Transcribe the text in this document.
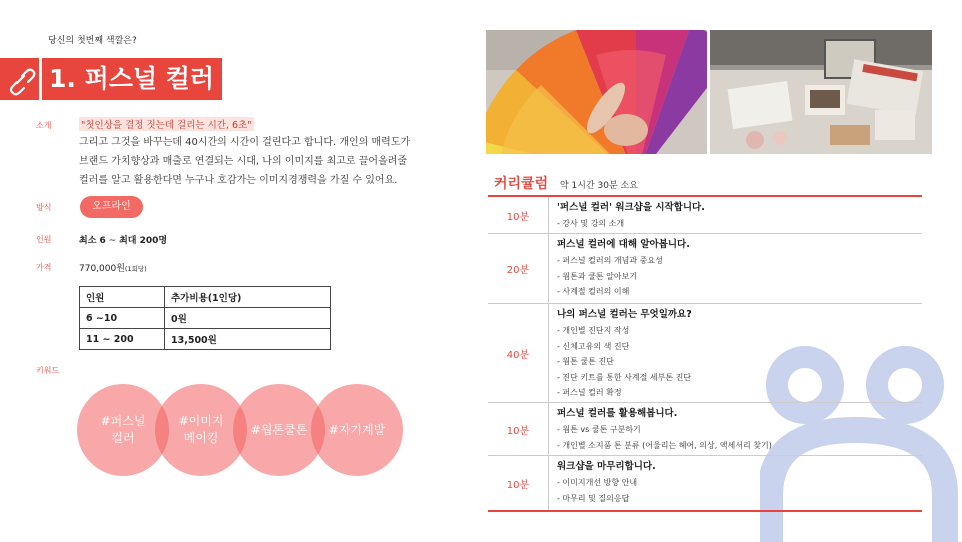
당신의 첫번째 색깔은?
1. 퍼스널 컬러
소개	"첫인상을 결정 짓는데 걸리는 시간, 6초"
그리고 그것을 바꾸는데 40시간의 시간이 걸린다고 합니다. 개인의 매력도가
브랜드 가치향상과 매출로 연결되는 시대, 나의 이미지를 최고로 끌어올려줄
컬러를 알고 활용한다면 누구나 호감가는 이미지경쟁력을 가질 수 있어요.
방식	오프라인
인원	최소 6 ~ 최대 200명
가격	770,000원(1회당)
인원	추가비용(1인당)
6 ~10	0원
11 ~ 200	13,500원
키워드
#퍼스널
컬러
#이미지
메이킹
#웜톤쿨톤 #자기계발
커리큘럼 약 1시간 30분 소요
10분
'퍼스널 컬러' 워크샵을 시작합니다.
- 강사 및 강의 소개
20분
퍼스널 컬러에 대해 알아봅니다.
- 퍼스널 컬러의 개념과 중요성
- 웜톤과 쿨톤 알아보기
- 사계절 컬러의 이해
40분
나의 퍼스널 컬러는 무엇일까요?
- 개인별 진단지 작성
- 신체고유의 색 진단
- 웜톤 쿨톤 진단
- 진단 키트를 통한 사계절 세부톤 진단
- 퍼스널 컬러 확정
10분
퍼스널 컬러를 활용해봅니다.
- 웜톤 vs 쿨톤 구분하기
- 개인별 소지품 톤 분류 (어울리는 헤어, 의상, 액세서리 찾기)
10분
워크샵을 마무리합니다.
- 이미지개선 방향 안내
- 마무리 및 질의응답
